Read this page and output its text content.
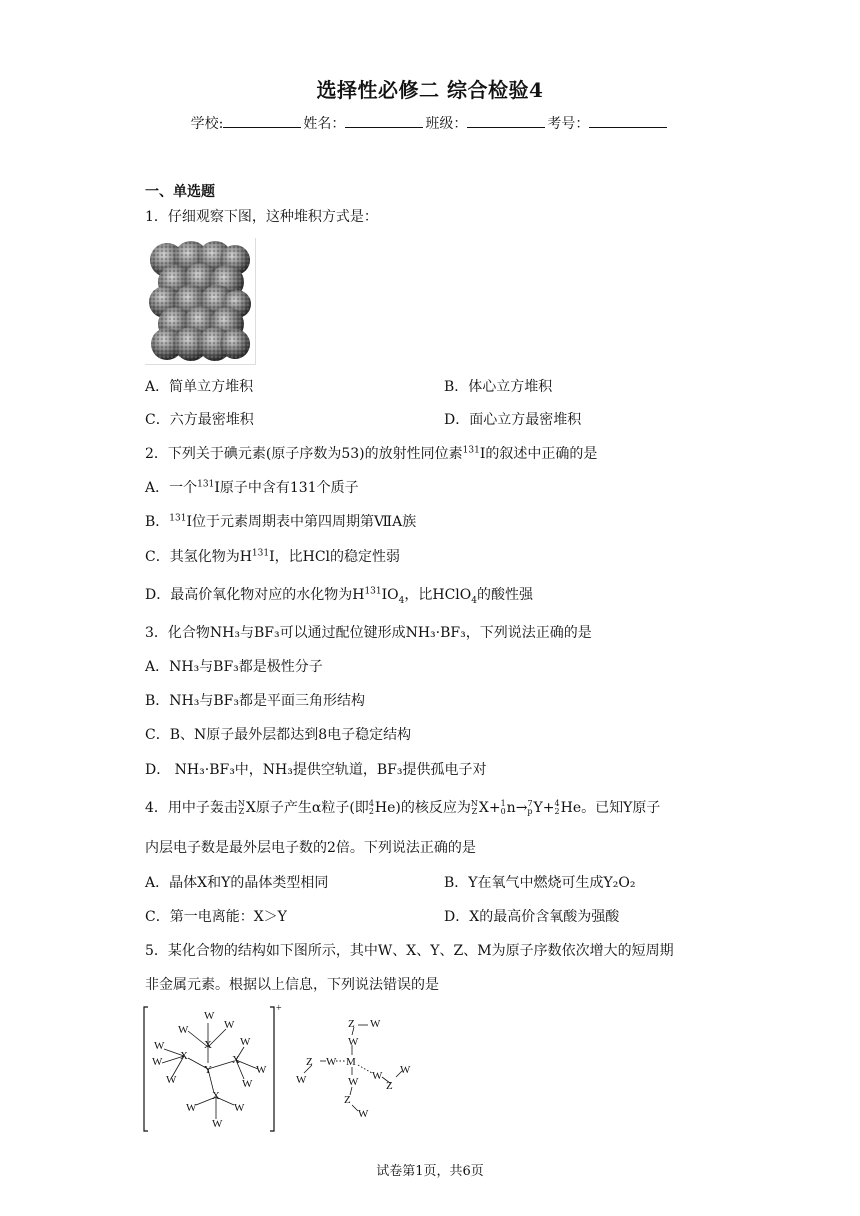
选择性必修二 综合检验4
学校:	姓名：	班级：	考号：
一、单选题
1．仔细观察下图，这种堆积方式是：
A．简单立方堆积	B．体心立方堆积
C．六方最密堆积	D．面心立方最密堆积
2．下列关于碘元素(原子序数为53)的放射性同位素$^{131}$I的叙述中正确的是
A．一个$^{131}$I原子中含有131个质子
B．$^{131}$I位于元素周期表中第四周期第ⅦA族
C．其氢化物为$H^{131}I$，比HCl的稳定性弱
D．最高价氧化物对应的水化物为$H^{131}IO_4$，比HClO$_4$的酸性强
3．化合物NH₃与BF₃可以通过配位键形成NH₃·BF₃，下列说法正确的是
A．NH₃与BF₃都是极性分子
B．NH₃与BF₃都是平面三角形结构
C．B、N原子最外层都达到8电子稳定结构
D． NH₃·BF₃中，NH₃提供空轨道，BF₃提供孤电子对
4．用中子轰击 N
Z X原子产生α粒子(即 4
2 He)的核反应为 N
Z X+ 1
0 n→ 7
p Y+ 4
2 He。已知Y原子
内层电子数是最外层电子数的2倍。下列说法正确的是
A．晶体X和Y的晶体类型相同	B．Y在氧气中燃烧可生成Y₂O₂
C．第一电离能：X＞Y	D．X的最高价含氧酸为强酸
5．某化合物的结构如下图所示，其中W、X、Y、Z、M为原子序数依次增大的短周期
非金属元素。根据以上信息，下列说法错误的是
+
W
W	W
X
W
X
W
W
Y
X
W
W
W
X
W	W
W
Z W
W
Z W M
W	W W
Z
W
Z
W
试卷第1页，共6页
